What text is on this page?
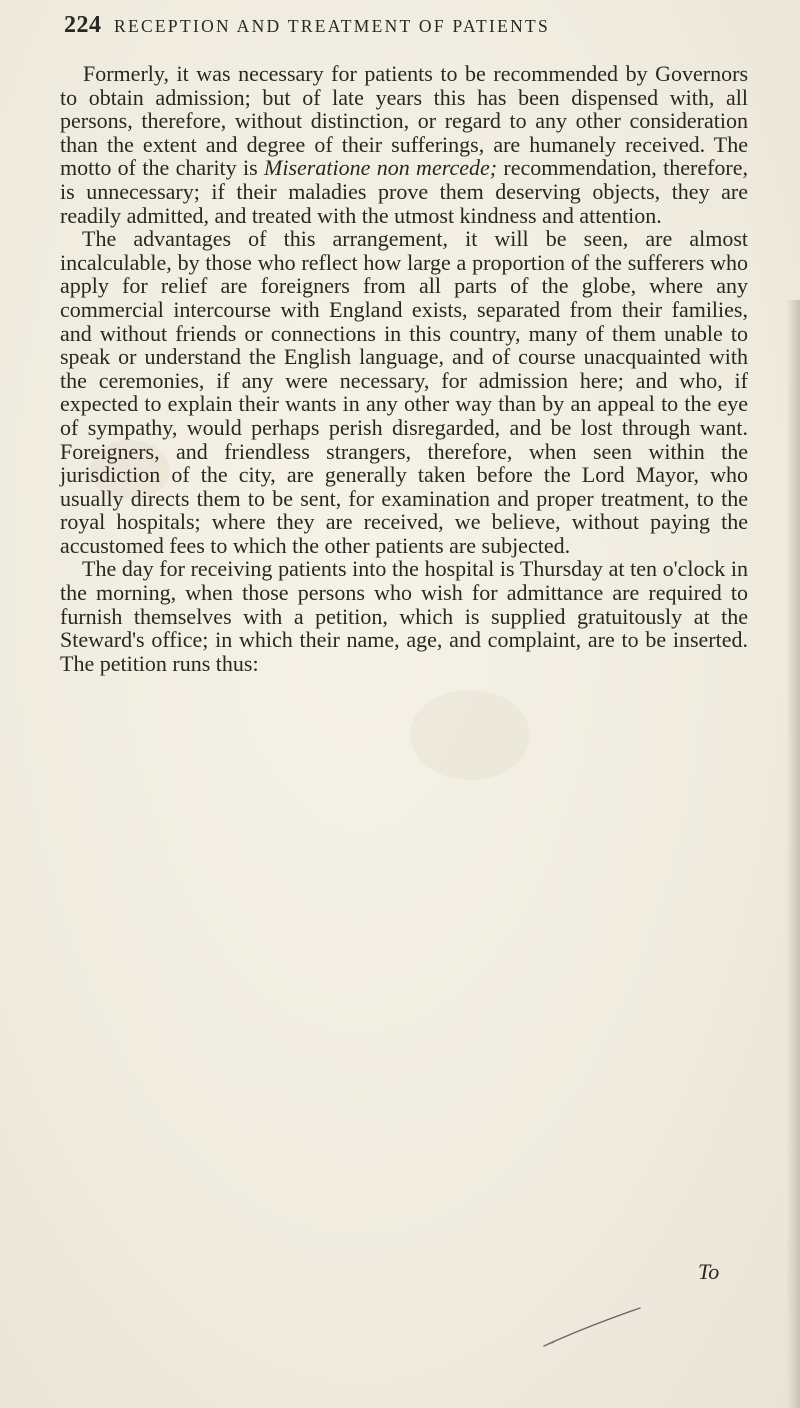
224 RECEPTION AND TREATMENT OF PATIENTS

Formerly, it was necessary for patients to be recommended by Governors to obtain admission; but of late years this has been dispensed with, all persons, therefore, without distinction, or regard to any other consideration than the extent and degree of their sufferings, are humanely received. The motto of the charity is Miseratione non mercede; recommendation, therefore, is unnecessary; if their maladies prove them deserving objects, they are readily admitted, and treated with the utmost kindness and attention.

The advantages of this arrangement, it will be seen, are almost incalculable, by those who reflect how large a proportion of the sufferers who apply for relief are foreigners from all parts of the globe, where any commercial intercourse with England exists, separated from their families, and without friends or connections in this country, many of them unable to speak or understand the English language, and of course unacquainted with the ceremonies, if any were necessary, for admission here; and who, if expected to explain their wants in any other way than by an appeal to the eye of sympathy, would perhaps perish disregarded, and be lost through want. Foreigners, and friendless strangers, therefore, when seen within the jurisdiction of the city, are generally taken before the Lord Mayor, who usually directs them to be sent, for examination and proper treatment, to the royal hospitals; where they are received, we believe, without paying the accustomed fees to which the other patients are subjected.

The day for receiving patients into the hospital is Thursday at ten o'clock in the morning, when those persons who wish for admittance are required to furnish themselves with a petition, which is supplied gratuitously at the Steward's office; in which their name, age, and complaint, are to be inserted. The petition runs thus:

To
